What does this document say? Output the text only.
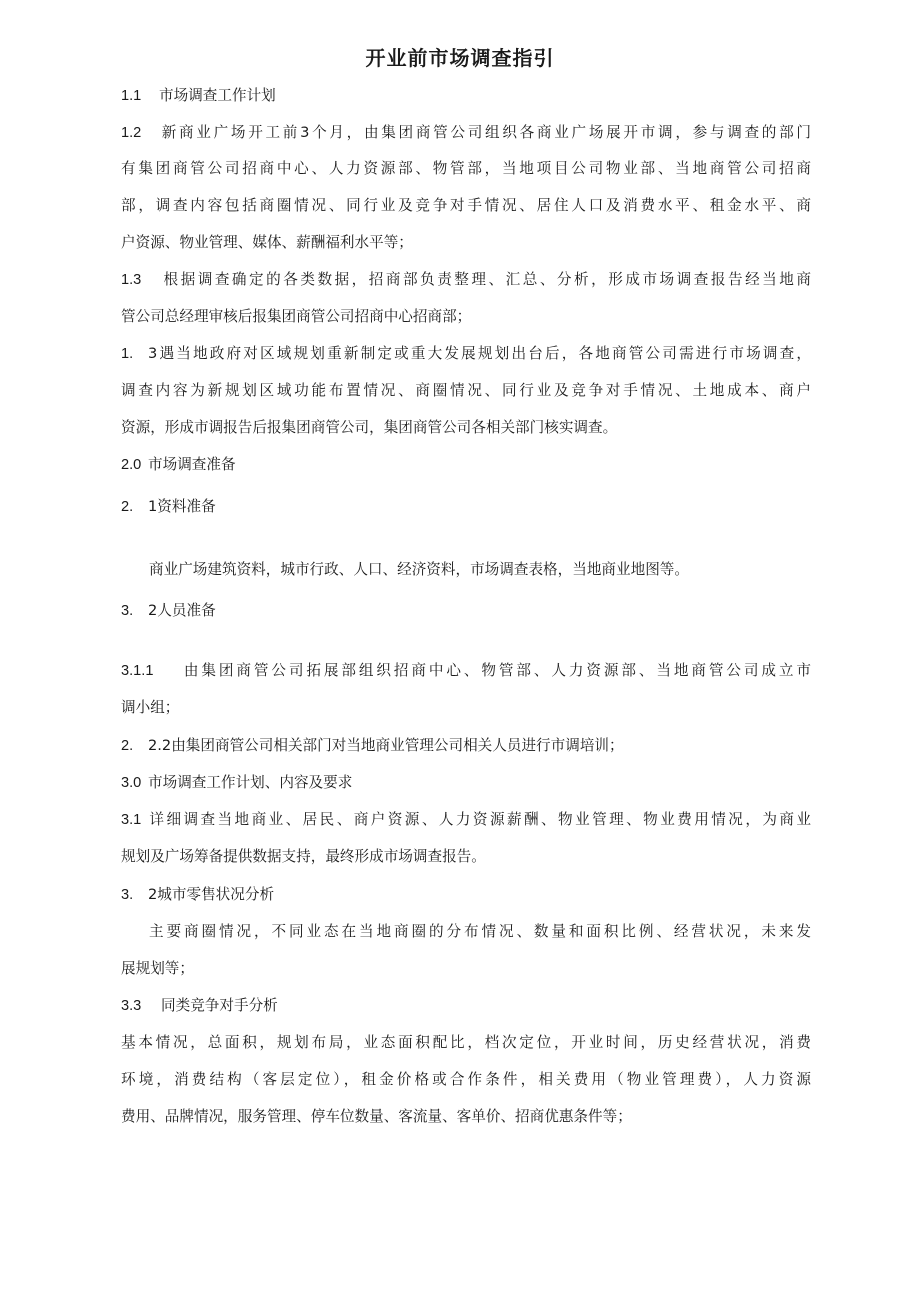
开业前市场调查指引
1.1 市场调查工作计划
1.2 新商业广场开工前3个月，由集团商管公司组织各商业广场展开市调，参与调查的部门
有集团商管公司招商中心、人力资源部、物管部，当地项目公司物业部、当地商管公司招商
部，调查内容包括商圈情况、同行业及竞争对手情况、居住人口及消费水平、租金水平、商
户资源、物业管理、媒体、薪酬福利水平等；
1.3 根据调查确定的各类数据，招商部负责整理、汇总、分析，形成市场调查报告经当地商
管公司总经理审核后报集团商管公司招商中心招商部；
1. 3遇当地政府对区域规划重新制定或重大发展规划出台后，各地商管公司需进行市场调查，
调查内容为新规划区域功能布置情况、商圈情况、同行业及竞争对手情况、土地成本、商户
资源，形成市调报告后报集团商管公司，集团商管公司各相关部门核实调查。
2.0 市场调查准备
2. 1资料准备
商业广场建筑资料，城市行政、人口、经济资料，市场调查表格，当地商业地图等。
3. 2人员准备
3.1.1 由集团商管公司拓展部组织招商中心、物管部、人力资源部、当地商管公司成立市
调小组；
2. 2.2由集团商管公司相关部门对当地商业管理公司相关人员进行市调培训；
3.0 市场调查工作计划、内容及要求
3.1 详细调查当地商业、居民、商户资源、人力资源薪酬、物业管理、物业费用情况，为商业
规划及广场筹备提供数据支持，最终形成市场调查报告。
3. 2城市零售状况分析
主要商圈情况，不同业态在当地商圈的分布情况、数量和面积比例、经营状况，未来发
展规划等；
3.3 同类竞争对手分析
基本情况，总面积，规划布局，业态面积配比，档次定位，开业时间，历史经营状况，消费
环境，消费结构（客层定位），租金价格或合作条件，相关费用（物业管理费），人力资源
费用、品牌情况，服务管理、停车位数量、客流量、客单价、招商优惠条件等；
